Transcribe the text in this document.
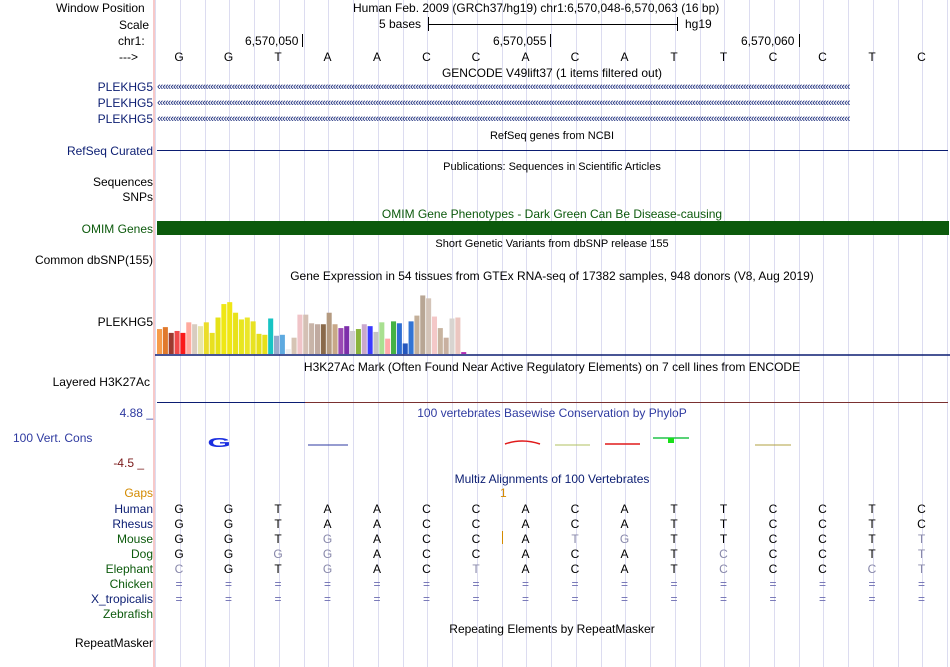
Window Position	Human Feb. 2009 (GRCh37/hg19) chr1:6,570,048-6,570,063 (16 bp)
Scale	5 bases	hg19
chr1:	6,570,050	6,570,055	6,570,060
--->	G	G	T	A	A	C	C	A	C	A	T	T	C	C	T	C
GENCODE V49lift37 (1 items filtered out)
PLEKHG5
PLEKHG5
PLEKHG5
‹‹‹‹‹‹‹‹‹‹‹‹‹‹‹‹‹‹‹‹‹‹‹‹‹‹‹‹‹‹‹‹‹‹‹‹‹‹‹‹‹‹‹‹‹‹‹‹‹‹‹‹‹‹‹‹‹‹‹‹‹‹‹‹‹‹‹‹‹‹‹‹‹‹‹‹‹‹‹‹‹‹‹‹‹‹‹‹‹‹‹‹‹‹‹‹‹‹‹‹‹‹‹‹‹‹‹‹‹‹‹‹‹‹‹‹‹‹‹‹‹‹‹‹‹‹‹‹‹‹‹‹‹‹‹‹‹‹‹‹‹‹‹‹‹‹‹‹‹‹‹‹‹‹‹‹‹‹‹‹‹‹‹‹‹‹‹‹‹‹‹‹‹‹‹‹‹‹‹‹‹‹‹‹‹‹‹‹‹‹‹‹‹‹‹‹‹‹‹‹‹‹‹‹‹‹‹‹‹‹‹‹‹‹‹‹‹‹‹‹‹‹‹‹‹‹‹‹‹‹‹‹‹‹‹‹‹‹‹‹‹‹‹‹‹‹‹‹‹‹‹‹‹‹‹‹‹‹‹‹
‹‹‹‹‹‹‹‹‹‹‹‹‹‹‹‹‹‹‹‹‹‹‹‹‹‹‹‹‹‹‹‹‹‹‹‹‹‹‹‹‹‹‹‹‹‹‹‹‹‹‹‹‹‹‹‹‹‹‹‹‹‹‹‹‹‹‹‹‹‹‹‹‹‹‹‹‹‹‹‹‹‹‹‹‹‹‹‹‹‹‹‹‹‹‹‹‹‹‹‹‹‹‹‹‹‹‹‹‹‹‹‹‹‹‹‹‹‹‹‹‹‹‹‹‹‹‹‹‹‹‹‹‹‹‹‹‹‹‹‹‹‹‹‹‹‹‹‹‹‹‹‹‹‹‹‹‹‹‹‹‹‹‹‹‹‹‹‹‹‹‹‹‹‹‹‹‹‹‹‹‹‹‹‹‹‹‹‹‹‹‹‹‹‹‹‹‹‹‹‹‹‹‹‹‹‹‹‹‹‹‹‹‹‹‹‹‹‹‹‹‹‹‹‹‹‹‹‹‹‹‹‹‹‹‹‹‹‹‹‹‹‹‹‹‹‹‹‹‹‹‹‹‹‹‹‹‹‹‹‹
‹‹‹‹‹‹‹‹‹‹‹‹‹‹‹‹‹‹‹‹‹‹‹‹‹‹‹‹‹‹‹‹‹‹‹‹‹‹‹‹‹‹‹‹‹‹‹‹‹‹‹‹‹‹‹‹‹‹‹‹‹‹‹‹‹‹‹‹‹‹‹‹‹‹‹‹‹‹‹‹‹‹‹‹‹‹‹‹‹‹‹‹‹‹‹‹‹‹‹‹‹‹‹‹‹‹‹‹‹‹‹‹‹‹‹‹‹‹‹‹‹‹‹‹‹‹‹‹‹‹‹‹‹‹‹‹‹‹‹‹‹‹‹‹‹‹‹‹‹‹‹‹‹‹‹‹‹‹‹‹‹‹‹‹‹‹‹‹‹‹‹‹‹‹‹‹‹‹‹‹‹‹‹‹‹‹‹‹‹‹‹‹‹‹‹‹‹‹‹‹‹‹‹‹‹‹‹‹‹‹‹‹‹‹‹‹‹‹‹‹‹‹‹‹‹‹‹‹‹‹‹‹‹‹‹‹‹‹‹‹‹‹‹‹‹‹‹‹‹‹‹‹‹‹‹‹‹‹‹‹
RefSeq genes from NCBI
RefSeq Curated
Publications: Sequences in Scientific Articles
Sequences
SNPs
OMIM Gene Phenotypes - Dark Green Can Be Disease-causing
OMIM Genes
Short Genetic Variants from dbSNP release 155
Common dbSNP(155)
Gene Expression in 54 tissues from GTEx RNA-seq of 17382 samples, 948 donors (V8, Aug 2019)
PLEKHG5
H3K27Ac Mark (Often Found Near Active Regulatory Elements) on 7 cell lines from ENCODE
Layered H3K27Ac
100 vertebrates Basewise Conservation by PhyloP
4.88 _
100 Vert. Cons
-4.5 _
G
Multiz Alignments of 100 Vertebrates
Gaps	1
Human G	G	T	A	A	C	C	A	C	A	T	T	C	C	T	C
Rhesus G	G	T	A	A	C	C	A	C	A	T	T	C	C	T	C
Mouse G	G	T	G	A	C	C	A	T	G	T	T	C	C	T	T
Dog G	G	G	G	A	C	C	A	C	A	T	C	C	C	T	T
Elephant C	G	T	G	A	C	T	A	C	A	T	C	C	C	C	T
Chicken =	=	=	=	=	=	=	=	=	=	=	=	=	=	=	=
X_tropicalis =	=	=	=	=	=	=	=	=	=	=	=	=	=	=	=
Zebrafish
Repeating Elements by RepeatMasker
RepeatMasker
